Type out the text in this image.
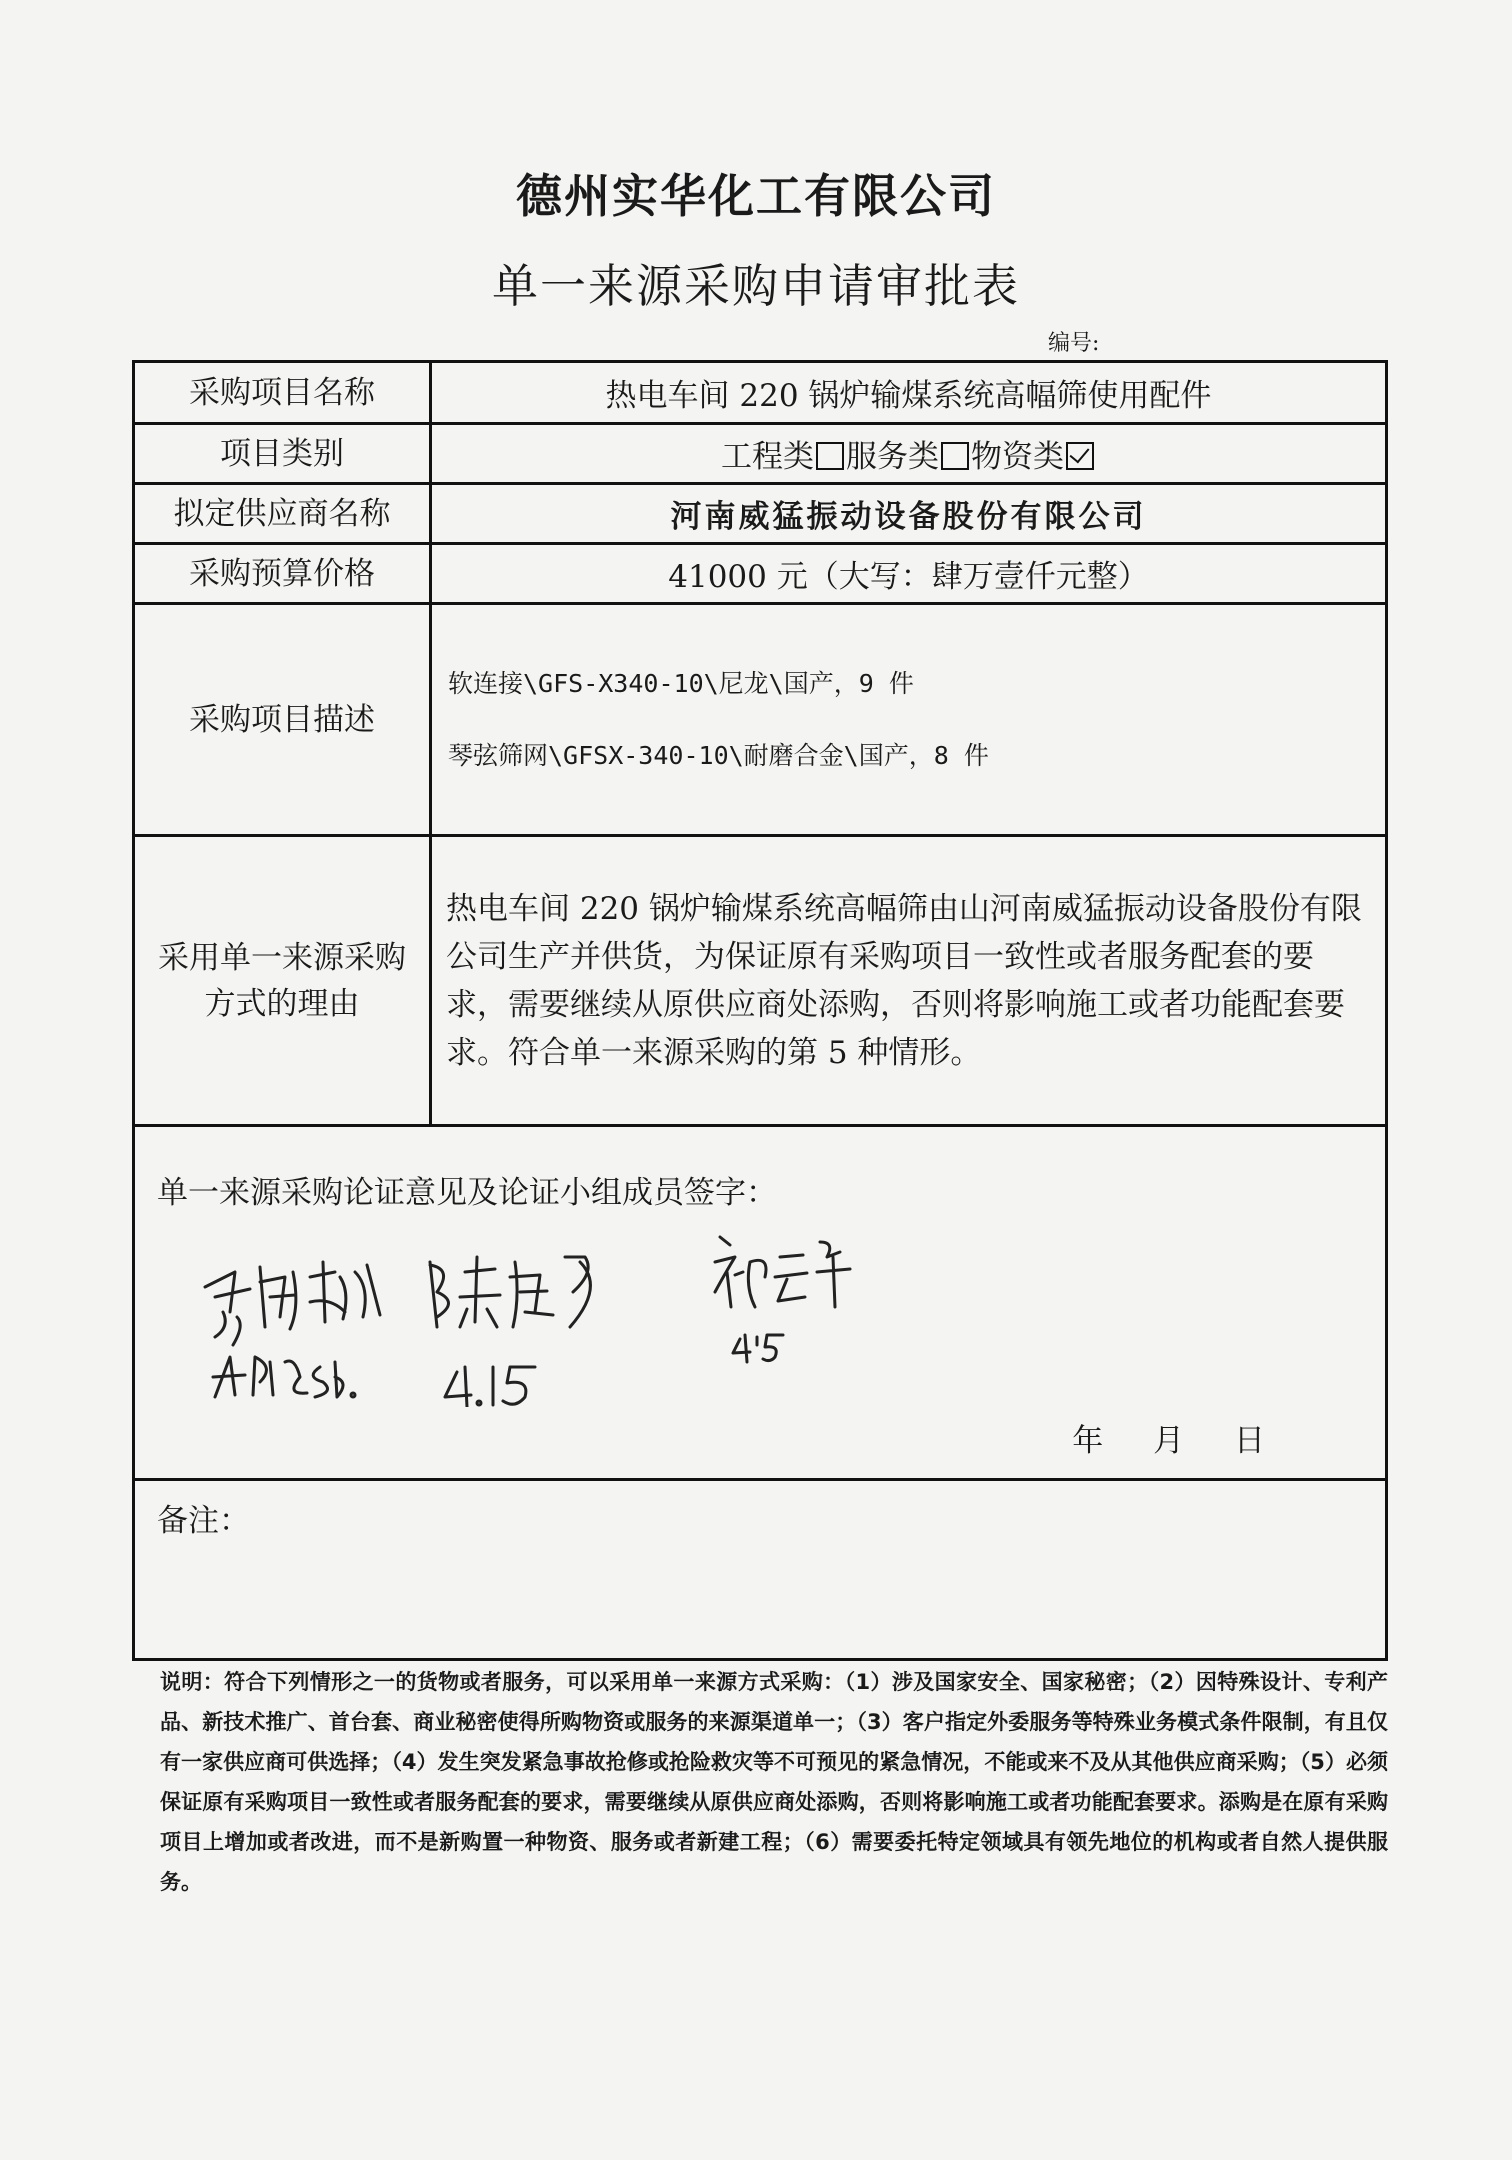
德州实华化工有限公司
单一来源采购申请审批表
编号:
采购项目名称	热电车间 220 锅炉输煤系统高幅筛使用配件
项目类别	工程类 服务类 物资类
拟定供应商名称	河南威猛振动设备股份有限公司
采购预算价格	41000 元（大写：肆万壹仟元整）
采购项目描述	软连接\GFS-X340-10\尼龙\国产，9 件
琴弦筛网\GFSX-340-10\耐磨合金\国产，8 件

采用单一来源采购
方式的理由	热电车间 220 锅炉输煤系统高幅筛由山河南威猛振动设备股份有限公司生产并供货，为保证原有采购项目一致性或者服务配套的要求，需要继续从原供应商处添购，否则将影响施工或者功能配套要求。符合单一来源采购的第 5 种情形。

单一来源采购论证意见及论证小组成员签字：
年 月 日	

备注：	
说明：符合下列情形之一的货物或者服务，可以采用单一来源方式采购：（1）涉及国家安全、国家秘密；（2）因特殊设计、专利产品、新技术推广、首台套、商业秘密使得所购物资或服务的来源渠道单一；（3）客户指定外委服务等特殊业务模式条件限制，有且仅有一家供应商可供选择；（4）发生突发紧急事故抢修或抢险救灾等不可预见的紧急情况，不能或来不及从其他供应商采购；（5）必须保证原有采购项目一致性或者服务配套的要求，需要继续从原供应商处添购，否则将影响施工或者功能配套要求。添购是在原有采购项目上增加或者改进，而不是新购置一种物资、服务或者新建工程；（6）需要委托特定领域具有领先地位的机构或者自然人提供服务。
